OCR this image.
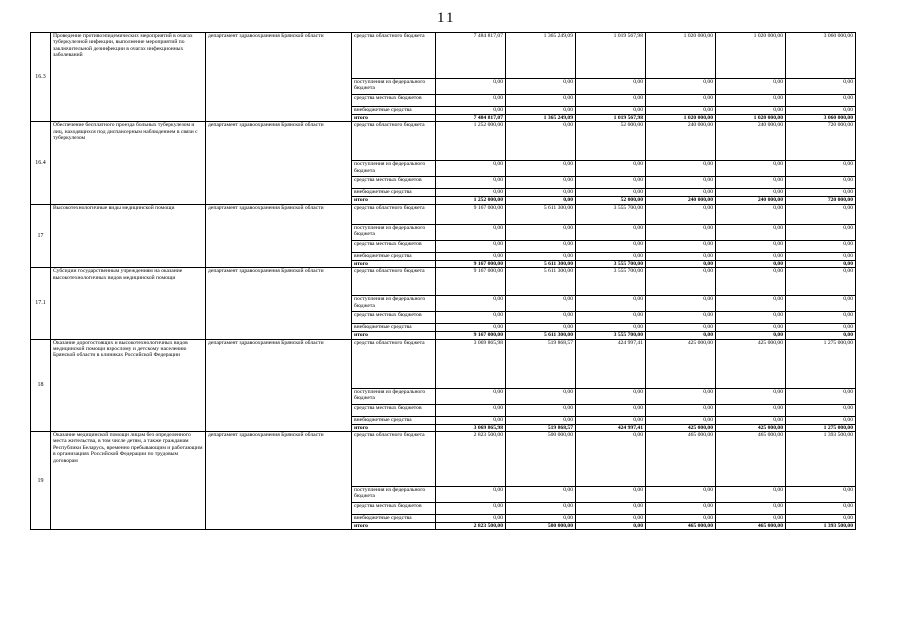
11
16.3	Проведение противоэпидемических мероприятий в очагах туберкулезной инфекции, выполнение мероприятий по заключительной дезинфекции в очагах инфекционных заболеваний	департамент здравоохранения Брянской области	средства областного бюджета	7 484 817,07	1 365 249,09	1 019 567,98	1 020 000,00	1 020 000,00	3 060 000,00
			поступления из федерального бюджета	0,00	0,00	0,00	0,00	0,00	0,00
			средства местных бюджетов	0,00	0,00	0,00	0,00	0,00	0,00
			внебюджетные средства	0,00	0,00	0,00	0,00	0,00	0,00
			итого	7 484 817,07	1 365 249,09	1 019 567,98	1 020 000,00	1 020 000,00	3 060 000,00
16.4	Обеспечение бесплатного проезда больных туберкулезом и лиц, находящихся под диспансерным наблюдением в связи с туберкулезом	департамент здравоохранения Брянской области	средства областного бюджета	1 252 000,00	0,00	52 000,00	240 000,00	240 000,00	720 000,00
			поступления из федерального бюджета	0,00	0,00	0,00	0,00	0,00	0,00
			средства местных бюджетов	0,00	0,00	0,00	0,00	0,00	0,00
			внебюджетные средства	0,00	0,00	0,00	0,00	0,00	0,00
			итого	1 252 000,00	0,00	52 000,00	240 000,00	240 000,00	720 000,00
17	Высокотехнологичные виды медицинской помощи	департамент здравоохранения Брянской области	средства областного бюджета	9 167 000,00	5 611 300,00	3 555 700,00	0,00	0,00	0,00
			поступления из федерального бюджета	0,00	0,00	0,00	0,00	0,00	0,00
			средства местных бюджетов	0,00	0,00	0,00	0,00	0,00	0,00
			внебюджетные средства	0,00	0,00	0,00	0,00	0,00	0,00
			итого	9 167 000,00	5 611 300,00	3 555 700,00	0,00	0,00	0,00
17.1	Субсидии государственным учреждениям на оказание высокотехнологичных видов медицинской помощи	департамент здравоохранения Брянской области	средства областного бюджета	9 167 000,00	5 611 300,00	3 555 700,00	0,00	0,00	0,00
			поступления из федерального бюджета	0,00	0,00	0,00	0,00	0,00	0,00
			средства местных бюджетов	0,00	0,00	0,00	0,00	0,00	0,00
			внебюджетные средства	0,00	0,00	0,00	0,00	0,00	0,00
			итого	9 167 000,00	5 611 300,00	3 555 700,00	0,00	0,00	0,00
18	Оказание дорогостоящих и высокотехнологичных видов медицинской помощи взрослому и детскому населению Брянской области в клиниках Российской Федерации	департамент здравоохранения Брянской области	средства областного бюджета	3 069 865,98	519 868,57	424 997,41	425 000,00	425 000,00	1 275 000,00
			поступления из федерального бюджета	0,00	0,00	0,00	0,00	0,00	0,00
			средства местных бюджетов	0,00	0,00	0,00	0,00	0,00	0,00
			внебюджетные средства	0,00	0,00	0,00	0,00	0,00	0,00
			итого	3 069 865,98	519 868,57	424 997,41	425 000,00	425 000,00	1 275 000,00
19	Оказание медицинской помощи лицам без определенного места жительства, в том числе детям, а также гражданам Республики Беларусь, временно пребывающим и работающим в организациях Российской Федерации по трудовым договорам	департамент здравоохранения Брянской области	средства областного бюджета	2 823 500,00	500 000,00	0,00	465 000,00	465 000,00	1 393 500,00
			поступления из федерального бюджета	0,00	0,00	0,00	0,00	0,00	0,00
			средства местных бюджетов	0,00	0,00	0,00	0,00	0,00	0,00
			внебюджетные средства	0,00	0,00	0,00	0,00	0,00	0,00
			итого	2 823 500,00	500 000,00	0,00	465 000,00	465 000,00	1 393 500,00
